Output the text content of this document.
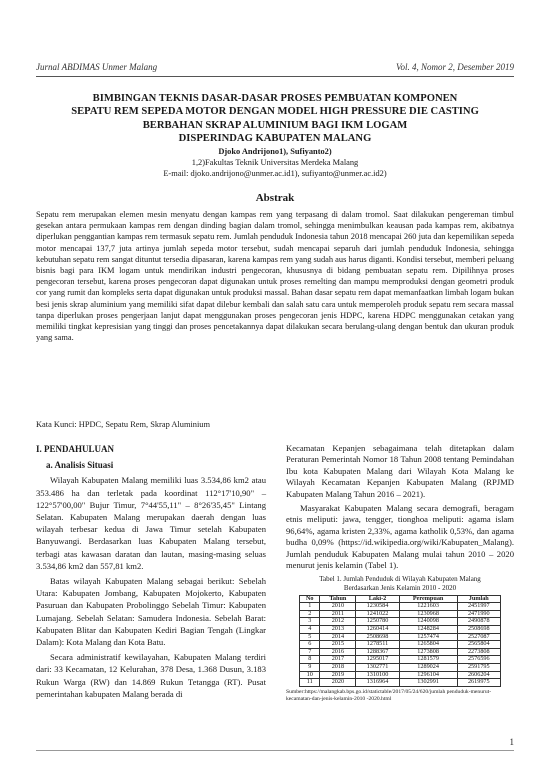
Jurnal ABDIMAS Unmer Malang	Vol. 4, Nomor 2, Desember 2019
BIMBINGAN TEKNIS DASAR-DASAR PROSES PEMBUATAN KOMPONEN
SEPATU REM SEPEDA MOTOR DENGAN MODEL HIGH PRESSURE DIE CASTING
BERBAHAN SKRAP ALUMINIUM BAGI IKM LOGAM
DISPERINDAG KABUPATEN MALANG
Djoko Andrijono1), Sufiyanto2)
1,2)Fakultas Teknik Universitas Merdeka Malang
E-mail: djoko.andrijono@unmer.ac.id1), sufiyanto@unmer.ac.id2)
Abstrak
Sepatu rem merupakan elemen mesin menyatu dengan kampas rem yang terpasang di dalam tromol. Saat dilakukan pengereman timbul gesekan antara permukaan kampas rem dengan dinding bagian dalam tromol, sehingga menimbulkan keausan pada kampas rem, akibatnya diperlukan penggantian kampas rem termasuk sepatu rem. Jumlah penduduk Indonesia tahun 2018 mencapai 260 juta dan kepemilikan sepeda motor mencapai 137,7 juta artinya jumlah sepeda motor tersebut, sudah mencapai separuh dari jumlah penduduk Indonesia, sehingga kebutuhan sepatu rem sangat dituntut tersedia dipasaran, karena kampas rem yang sudah aus harus diganti. Kondisi tersebut, memberi peluang bisnis bagi para IKM logam untuk mendirikan industri pengecoran, khususnya di bidang pembuatan sepatu rem. Dipilihnya proses pengecoran tersebut, karena proses pengecoran dapat digunakan untuk proses remelting dan mampu memproduksi dengan geometri produk cor yang rumit dan kompleks serta dapat digunakan untuk produksi massal. Bahan dasar sepatu rem dapat memanfaatkan limbah logam bukan besi jenis skrap aluminium yang memiliki sifat dapat dilebur kembali dan salah satu cara untuk memperoleh produk sepatu rem secara massal tanpa diperlukan proses pengerjaan lanjut dapat menggunakan proses pengecoran jenis HDPC, karena HDPC menggunakan cetakan yang memiliki tingkat kepresisian yang tinggi dan proses pencetakannya dapat dilakukan secara berulang-ulang dengan bentuk dan ukuran produk yang sama.
Kata Kunci: HPDC, Sepatu Rem, Skrap Aluminium
I. PENDAHULUAN
a. Analisis Situasi

Wilayah Kabupaten Malang memiliki luas 3.534,86 km2 atau 353.486 ha dan terletak pada koordinat 112°17'10,90" – 122°57'00,00" Bujur Timur, 7°44'55,11" – 8°26'35,45" Lintang Selatan. Kabupaten Malang merupakan daerah dengan luas wilayah terbesar kedua di Jawa Timur setelah Kabupaten Banyuwangi. Berdasarkan luas Kabupaten Malang tersebut, terbagi atas kawasan daratan dan lautan, masing-masing seluas 3.534,86 km2 dan 557,81 km2.

Batas wilayah Kabupaten Malang sebagai berikut: Sebelah Utara: Kabupaten Jombang, Kabupaten Mojokerto, Kabupaten Pasuruan dan Kabupaten Probolinggo Sebelah Timur: Kabupaten Lumajang. Sebelah Selatan: Samudera Indonesia. Sebelah Barat: Kabupaten Blitar dan Kabupaten Kediri Bagian Tengah (Lingkar Dalam): Kota Malang dan Kota Batu.

Secara administratif kewilayahan, Kabupaten Malang terdiri dari: 33 Kecamatan, 12 Kelurahan, 378 Desa, 1.368 Dusun, 3.183 Rukun Warga (RW) dan 14.869 Rukun Tetangga (RT). Pusat pemerintahan kabupaten Malang berada di

Kecamatan Kepanjen sebagaimana telah ditetapkan dalam Peraturan Pemerintah Nomor 18 Tahun 2008 tentang Pemindahan Ibu kota Kabupaten Malang dari Wilayah Kota Malang ke Wilayah Kecamatan Kepanjen Kabupaten Malang (RPJMD Kabupaten Malang Tahun 2016 – 2021).

Masyarakat Kabupaten Malang secara demografi, beragam etnis meliputi: jawa, tengger, tionghoa meliputi: agama islam 96,64%, agama kristen 2,33%, agama katholik 0,53%, dan agama budha 0,09% (https://id.wikipedia.org/wiki/Kabupaten_Malang). Jumlah penduduk Kabupaten Malang mulai tahun 2010 – 2020 menurut jenis kelamin (Tabel 1).

Tabel 1. Jumlah Penduduk di Wilayah Kabupaten Malang
Berdasarkan Jenis Kelamin 2010 - 2020
No	Tahun	Laki-2	Perempuan	Jumlah
1	2010	1230584	1221603	2451997
2	2011	1241022	1230968	2471990
3	2012	1250780	1240098	2490878
4	2013	1260414	1248284	2508698
5	2014	2508698	1257474	2527087
6	2015	1278511	1265804	2565804
7	2016	1288367	1273808	2273808
8	2017	1295017	1281579	2576596
9	2018	1302771	1289024	2591795
10	2019	1310100	1296104	2606204
11	2020	1316964	1302991	2619975
Sumber:https://malangkab.bps.go.id/statictable/2017/05/24/620/jumlah penduduk-menurut-kecamatan-dan-jenis-kelamin-2010 -2020.html
1
